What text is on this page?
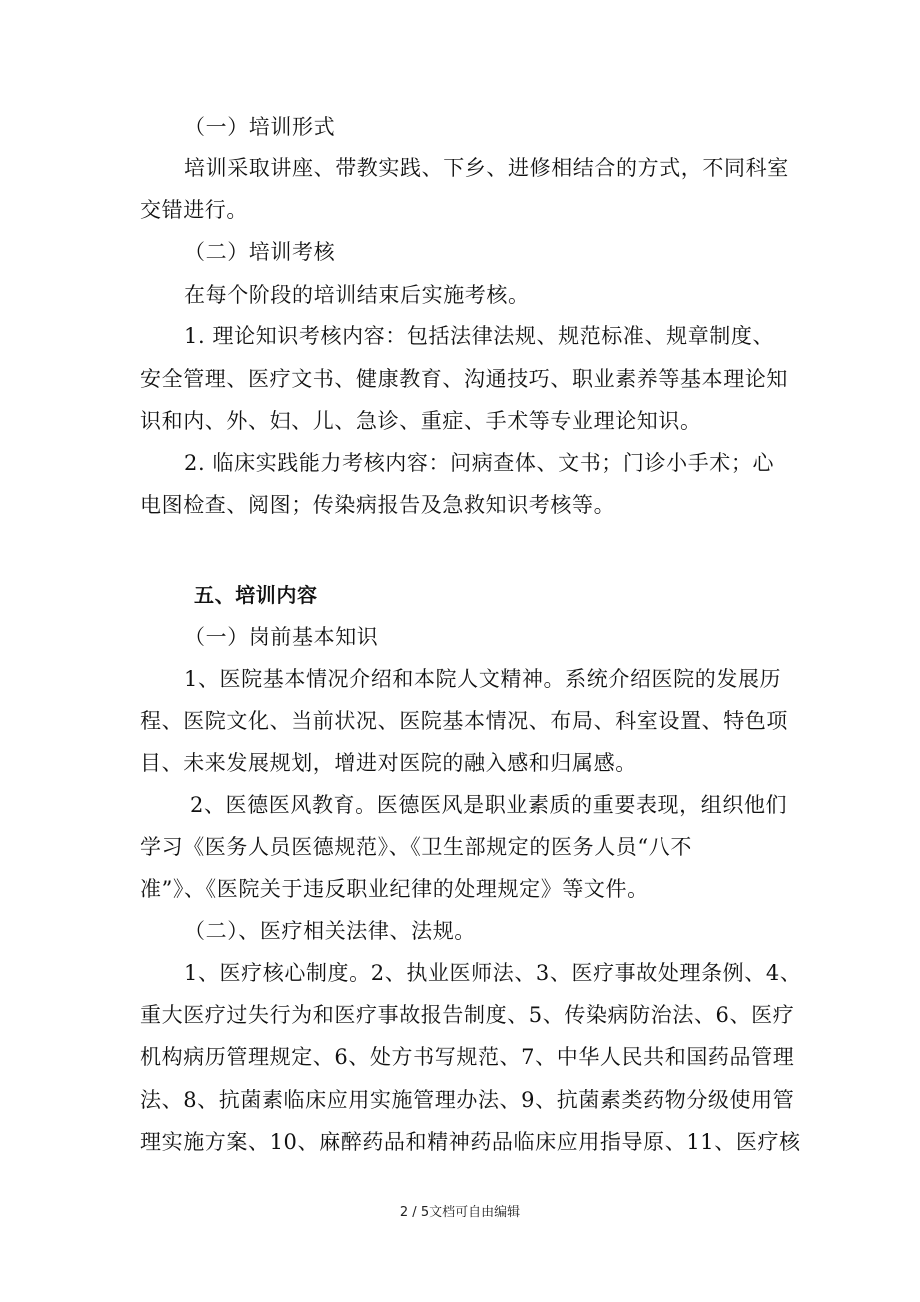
（一）培训形式
培训采取讲座、带教实践、下乡、进修相结合的方式，不同科室
交错进行。
（二）培训考核
在每个阶段的培训结束后实施考核。
1. 理论知识考核内容：包括法律法规、规范标准、规章制度、
安全管理、医疗文书、健康教育、沟通技巧、职业素养等基本理论知
识和内、外、妇、儿、急诊、重症、手术等专业理论知识。
2. 临床实践能力考核内容：问病查体、文书；门诊小手术；心
电图检查、阅图；传染病报告及急救知识考核等。
五、培训内容
（一）岗前基本知识
1、医院基本情况介绍和本院人文精神。系统介绍医院的发展历
程、医院文化、当前状况、医院基本情况、布局、科室设置、特色项
目、未来发展规划，增进对医院的融入感和归属感。
2、医德医风教育。医德医风是职业素质的重要表现，组织他们
学习《医务人员医德规范》、《卫生部规定的医务人员“八不
准”》、《医院关于违反职业纪律的处理规定》等文件。
（二）、医疗相关法律、法规。
1、医疗核心制度。2、执业医师法、3、医疗事故处理条例、4、
重大医疗过失行为和医疗事故报告制度、5、传染病防治法、6、医疗
机构病历管理规定、6、处方书写规范、7、中华人民共和国药品管理
法、8、抗菌素临床应用实施管理办法、9、抗菌素类药物分级使用管
理实施方案、10、麻醉药品和精神药品临床应用指导原、11、医疗核
2 / 5文档可自由编辑
